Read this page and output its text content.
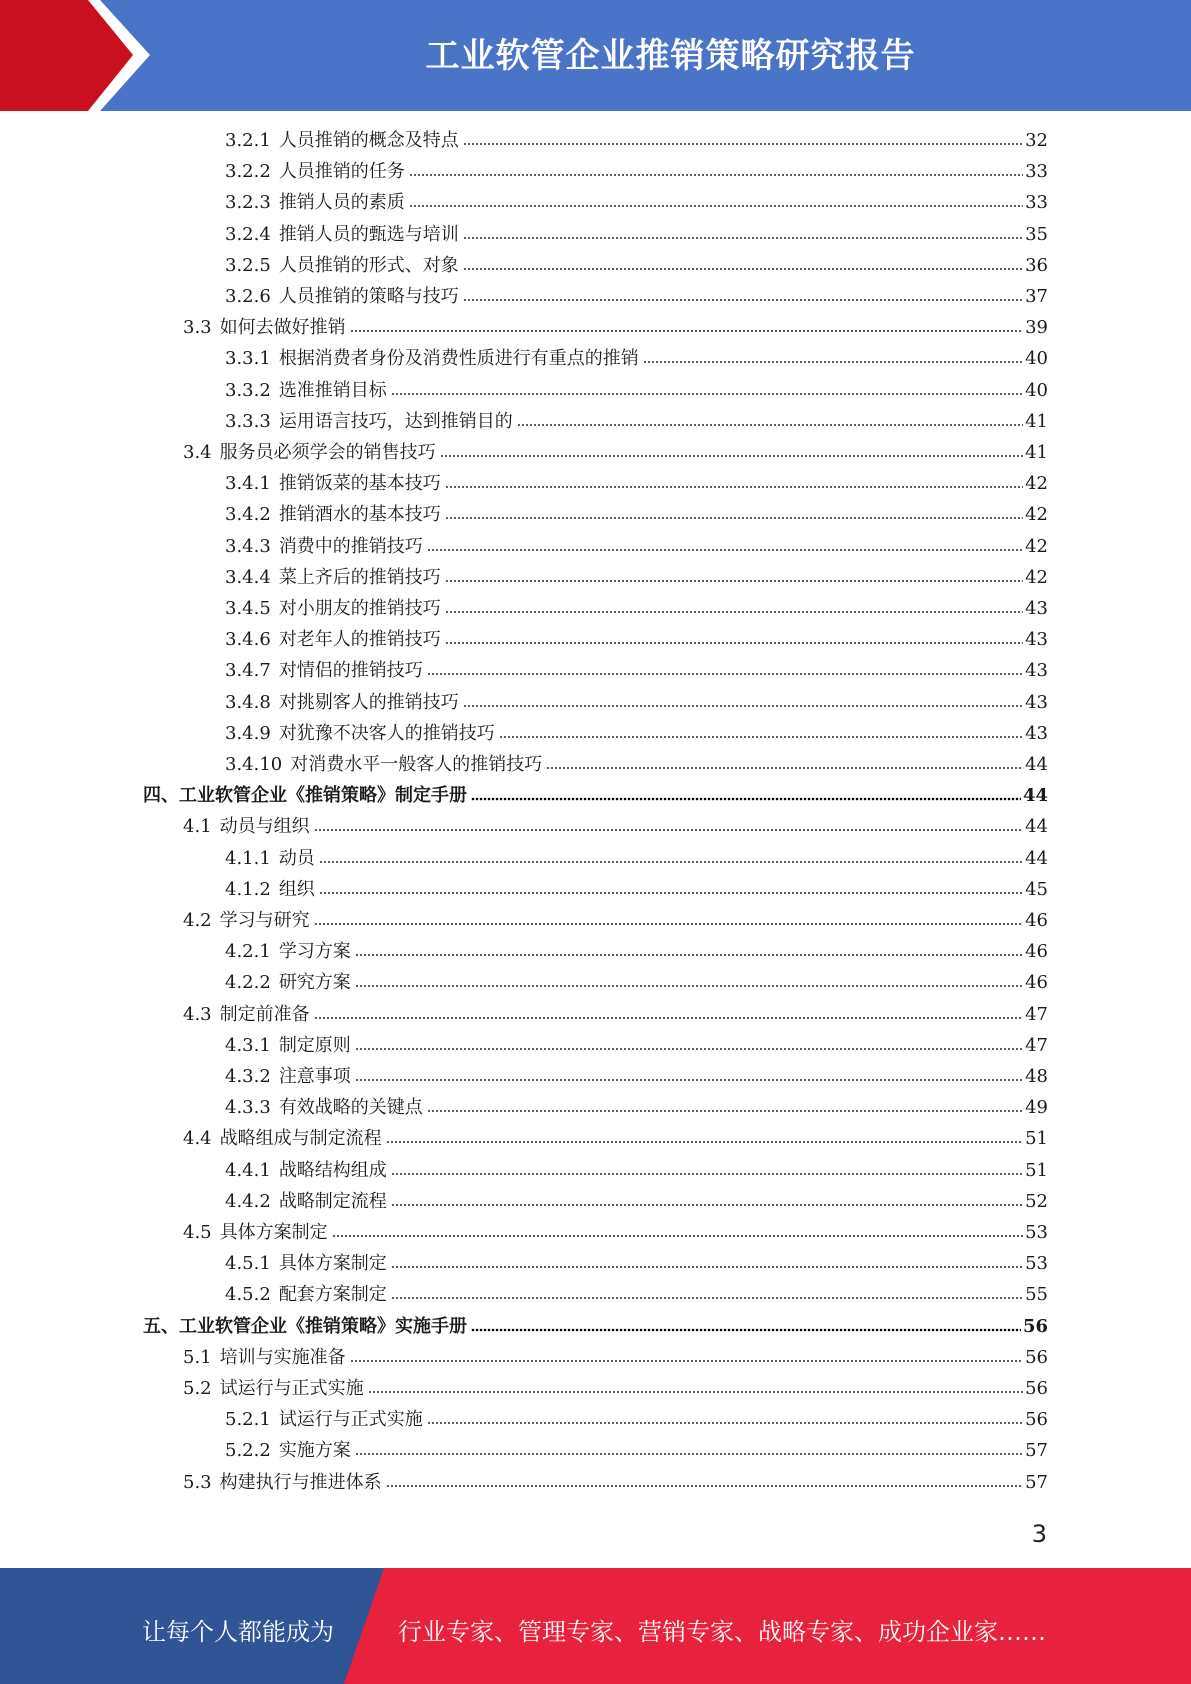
工业软管企业推销策略研究报告
3.2.1 人员推销的概念及特点	32
3.2.2 人员推销的任务	33
3.2.3 推销人员的素质	33
3.2.4 推销人员的甄选与培训	35
3.2.5 人员推销的形式、对象	36
3.2.6 人员推销的策略与技巧	37
3.3 如何去做好推销	39
3.3.1 根据消费者身份及消费性质进行有重点的推销	40
3.3.2 选准推销目标	40
3.3.3 运用语言技巧，达到推销目的	41
3.4 服务员必须学会的销售技巧	41
3.4.1 推销饭菜的基本技巧	42
3.4.2 推销酒水的基本技巧	42
3.4.3 消费中的推销技巧	42
3.4.4 菜上齐后的推销技巧	42
3.4.5 对小朋友的推销技巧	43
3.4.6 对老年人的推销技巧	43
3.4.7 对情侣的推销技巧	43
3.4.8 对挑剔客人的推销技巧	43
3.4.9 对犹豫不决客人的推销技巧	43
3.4.10 对消费水平一般客人的推销技巧	44
四、 工业软管企业《推销策略》制定手册	44
4.1 动员与组织	44
4.1.1 动员	44
4.1.2 组织	45
4.2 学习与研究	46
4.2.1 学习方案	46
4.2.2 研究方案	46
4.3 制定前准备	47
4.3.1 制定原则	47
4.3.2 注意事项	48
4.3.3 有效战略的关键点	49
4.4 战略组成与制定流程	51
4.4.1 战略结构组成	51
4.4.2 战略制定流程	52
4.5 具体方案制定	53
4.5.1 具体方案制定	53
4.5.2 配套方案制定	55
五、 工业软管企业《推销策略》实施手册	56
5.1 培训与实施准备	56
5.2 试运行与正式实施	56
5.2.1 试运行与正式实施	56
5.2.2 实施方案	57
5.3 构建执行与推进体系	57
3
让每个人都能成为	行业专家、管理专家、营销专家、战略专家、成功企业家……
